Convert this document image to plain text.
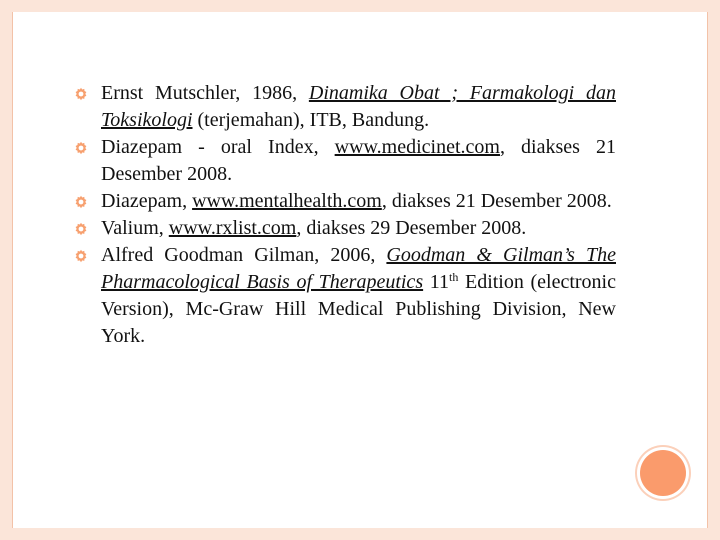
Ernst Mutschler, 1986, Dinamika Obat ; Farmakologi dan Toksikologi (terjemahan), ITB, Bandung.
Diazepam - oral Index, www.medicinet.com, diakses 21 Desember 2008.
Diazepam, www.mentalhealth.com, diakses 21 Desember 2008.
Valium, www.rxlist.com, diakses 29 Desember 2008.
Alfred Goodman Gilman, 2006, Goodman & Gilman’s The Pharmacological Basis of Therapeutics 11th Edition (electronic Version), Mc-Graw Hill Medical Publishing Division, New York.
